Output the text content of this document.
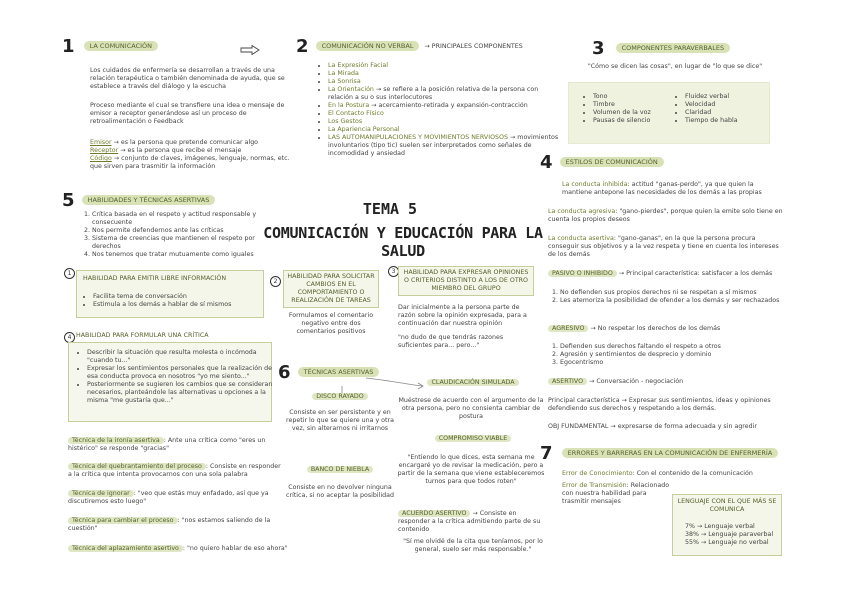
TEMA 5
COMUNICACIÓN Y EDUCACIÓN PARA LA SALUD
1 LA COMUNICACIÓN
Los cuidados de enfermería se desarrollan a través de una relación terapéutica o también denominada de ayuda, que se establece a través del diálogo y la escucha
Proceso mediante el cual se transfiere una idea o mensaje de emisor a receptor generándose así un proceso de retroalimentación o Feedback
Emisor → es la persona que pretende comunicar algo
Receptor → es la persona que recibe el mensaje
Código → conjunto de claves, imágenes, lenguaje, normas, etc. que sirven para trasmitir la información
2 COMUNICACIÓN NO VERBAL $^{\to PRINCIPALES COMPONENTES}$
• La Expresión Facial
• La Mirada
• La Sonrisa
• La Orientación → se refiere a la posición relativa de la persona con relación a su o sus interlocutores
• En la Postura → acercamiento-retirada y expansión-contracción
• El Contacto Físico
• Los Gestos
• La Apariencia Personal
• LAS AUTOMANIPULACIONES Y MOVIMIENTOS NERVIOSOS → movimientos involuntarios (tipo tic) suelen ser interpretados como señales de incomodidad y ansiedad
3	COMPONENTES PARAVERBALES
"Cómo se dicen las cosas", en lugar de "lo que se dice"
• Tono
• Timbre
• Volumen de la voz
• Pausas de silencio
• Fluidez verbal
• Velocidad
• Claridad
• Tiempo de habla
4 ESTILOS DE COMUNICACIÓN
La conducta inhibida: actitud "ganas-perdo", ya que quien la mantiene antepone las necesidades de los demás a las propias
La conducta agresiva: "gano-pierdes", porque quien la emite solo tiene en cuenta los propios deseos
La conducta asertiva: "gano-ganas", en la que la persona procura conseguir sus objetivos y a la vez respeta y tiene en cuenta los intereses de los demás
PASIVO O INHIBIDO → Principal característica: satisfacer a los demás
1. No defienden sus propios derechos ni se respetan a sí mismos
2. Les atemoriza la posibilidad de ofender a los demás y ser rechazados
AGRESIVO → No respetar los derechos de los demás
1. Defienden sus derechos faltando el respeto a otros
2. Agresión y sentimientos de desprecio y dominio
3. Egocentrismo
ASERTIVO → Conversación - negociación
Principal característica → Expresar sus sentimientos, ideas y opiniones defendiendo sus derechos y respetando a los demás.
OBJ FUNDAMENTAL → expresarse de forma adecuada y sin agredir
5 HABILIDADES Y TÉCNICAS ASERTIVAS
1. Crítica basada en el respeto y actitud responsable y consecuente
2. Nos permite defendernos ante las críticas
3. Sistema de creencias que mantienen el respeto por derechos
4. Nos tenemos que tratar mutuamente como iguales
1
HABILIDAD PARA EMITIR LIBRE INFORMACIÓN
• Facilita tema de conversación
• Estimula a los demás a hablar de sí mismos
2
HABILIDAD PARA SOLICITAR CAMBIOS EN EL COMPORTAMIENTO O REALIZACIÓN DE TAREAS
Formulamos el comentario negativo entre dos comentarios positivos
3	HABILIDAD PARA EXPRESAR OPINIONES O CRITERIOS DISTINTO A LOS DE OTRO MIEMBRO DEL GRUPO
Dar inicialmente a la persona parte de razón sobre la opinión expresada, para a continuación dar nuestra opinión
"no dudo de que tendrás razones suficientes para... pero..."
4 HABILIDAD PARA FORMULAR UNA CRÍTICA
• Describir la situación que resulta molesta o incómoda "cuando tu..."
• Expresar los sentimientos personales que la realización de esa conducta provoca en nosotros "yo me siento..."
• Posteriormente se sugieren los cambios que se consideran necesarios, planteándole las alternativas u opciones a la misma "me gustaría que..."
Técnica de la ironía asertiva : Ante una crítica como "eres un histérico" se responde "gracias"
Técnica del quebrantamiento del proceso : Consiste en responder a la crítica que intenta provocarnos con una sola palabra
Técnica de ignorar : "veo que estás muy enfadado, así que ya discutiremos esto luego"
Técnica para cambiar el proceso : "nos estamos saliendo de la cuestión"
Técnica del aplazamiento asertivo : "no quiero hablar de eso ahora"
6 TÉCNICAS ASERTIVAS
DISCO RAYADO
Consiste en ser persistente y en repetir lo que se quiere una y otra vez, sin alterarnos ni irritarnos
BANCO DE NIEBLA
Consiste en no devolver ninguna crítica, si no aceptar la posibilidad
CLAUDICACIÓN SIMULADA
Muéstrese de acuerdo con el argumento de la otra persona, pero no consienta cambiar de postura
COMPROMISO VIABLE
"Entiendo lo que dices, esta semana me encargaré yo de revisar la medicación, pero a partir de la semana que viene estableceremos turnos para que todos roten"
ACUERDO ASERTIVO → Consiste en responder a la crítica admitiendo parte de su contenido
"Sí me olvidé de la cita que teníamos, por lo general, suelo ser más responsable."
7 ERRORES Y BARRERAS EN LA COMUNICACIÓN DE ENFERMERÍA
Error de Conocimiento: Con el contenido de la comunicación
Error de Transmisión: Relacionado con nuestra habilidad para trasmitir mensajes	LENGUAJE CON EL QUE MÁS SE COMUNICA
7% → Lenguaje verbal
38% → Lenguaje paraverbal
55% → Lenguaje no verbal
